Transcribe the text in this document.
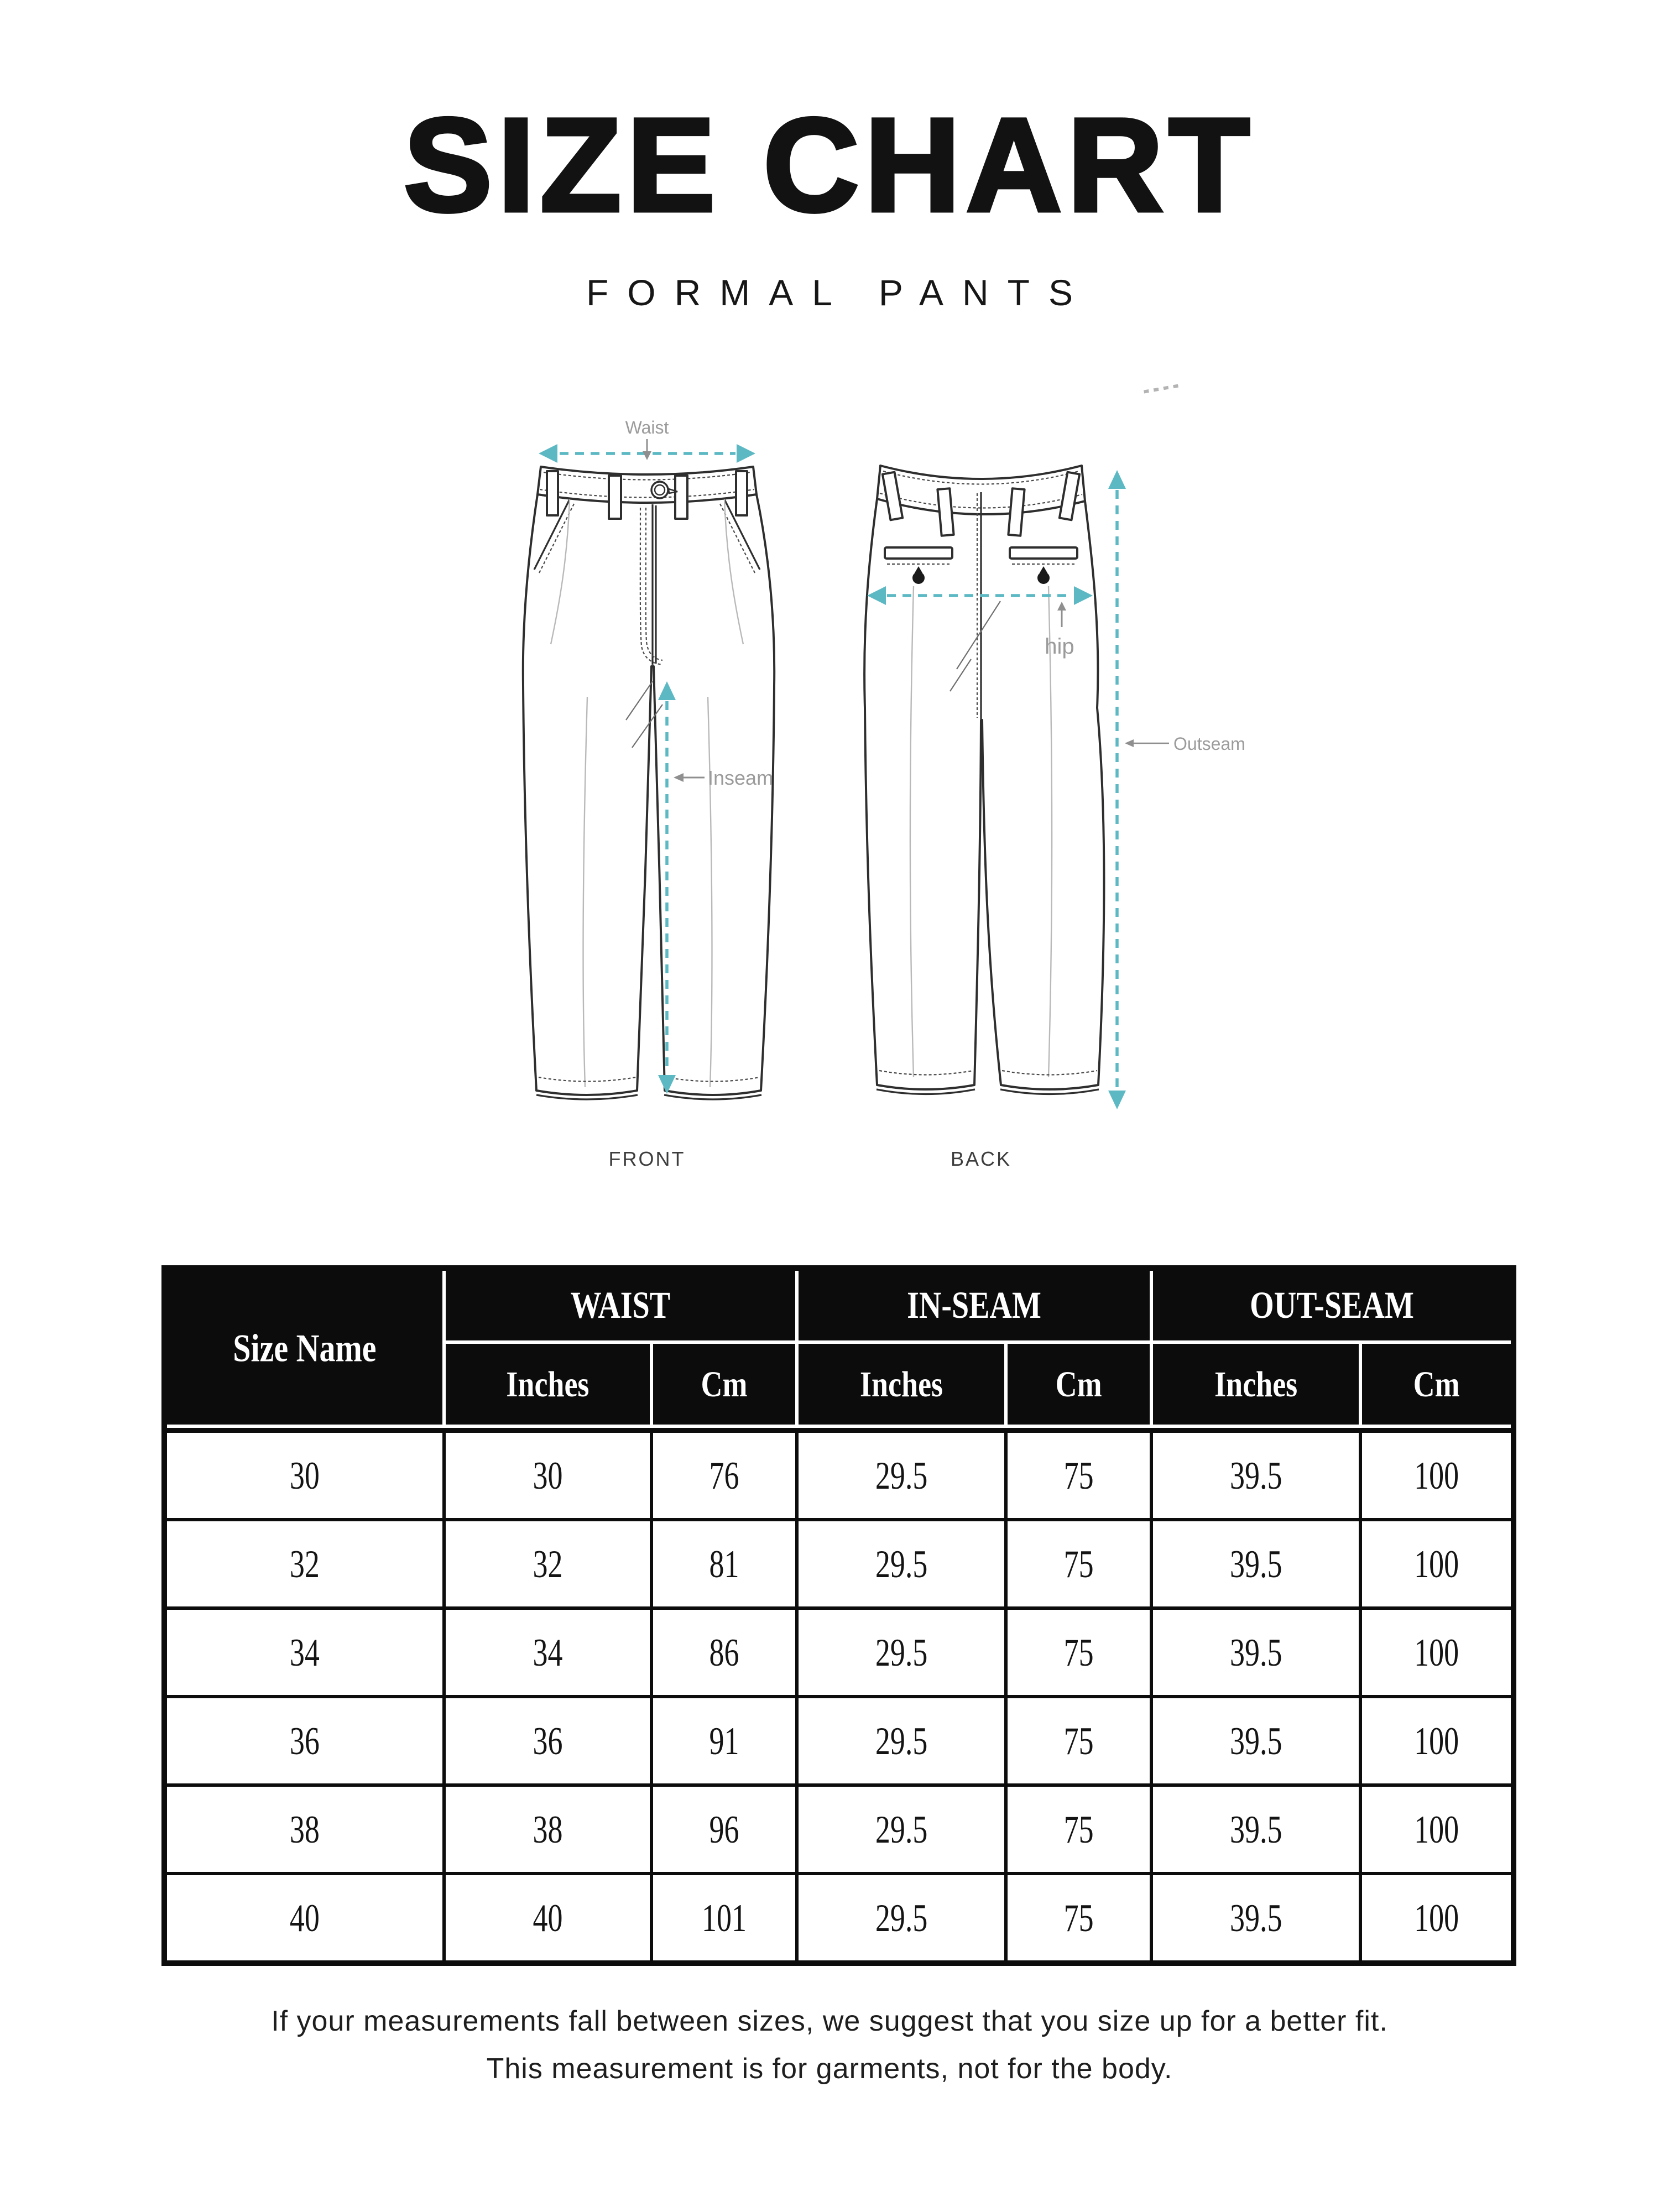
SIZE CHART
FORMAL PANTS
Waist
Inseam
hip
Outseam
FRONT	BACK
Size Name
WAIST	IN-SEAM	OUT-SEAM
Inches	Cm	Inches	Cm	Inches	Cm
30	30	76	29.5	75	39.5	100
32	32	81	29.5	75	39.5	100
34	34	86	29.5	75	39.5	100
36	36	91	29.5	75	39.5	100
38	38	96	29.5	75	39.5	100
40	40	101	29.5	75	39.5	100
If your measurements fall between sizes, we suggest that you size up for a better fit.
This measurement is for garments, not for the body.
